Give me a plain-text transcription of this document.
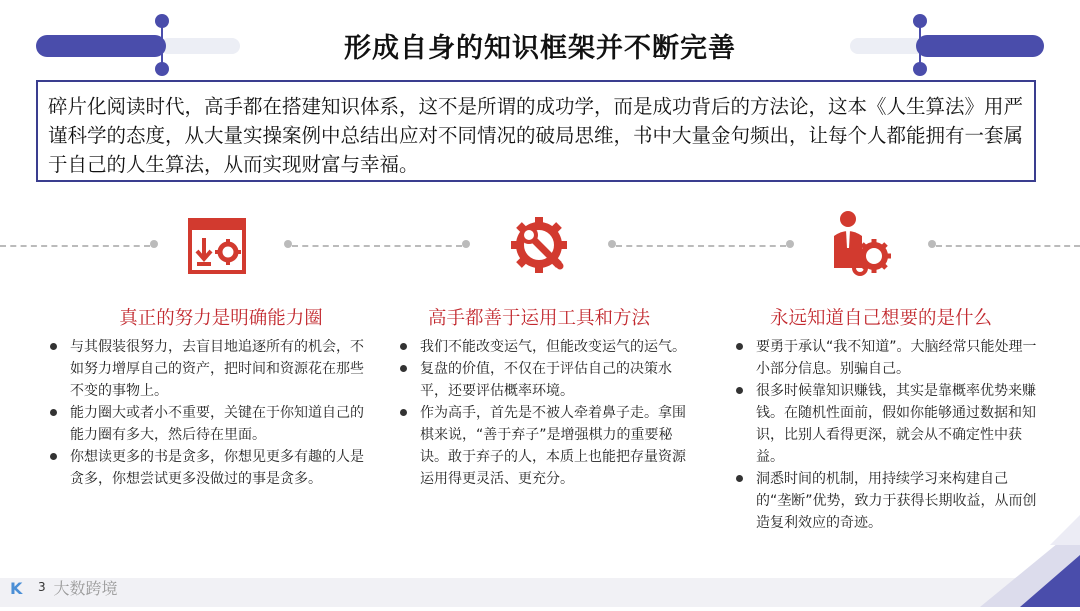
形成自身的知识框架并不断完善
碎片化阅读时代，高手都在搭建知识体系，这不是所谓的成功学，而是成功背后的方法论，这本《人生算法》用严谨科学的态度，从大量实操案例中总结出应对不同情况的破局思维，书中大量金句频出，让每个人都能拥有一套属于自己的人生算法，从而实现财富与幸福。
真正的努力是明确能力圈
与其假装很努力，去盲目地追逐所有的机会，不如努力增厚自己的资产，把时间和资源花在那些不变的事物上。
能力圈大或者小不重要，关键在于你知道自己的能力圈有多大，然后待在里面。
你想读更多的书是贪多，你想见更多有趣的人是贪多，你想尝试更多没做过的事是贪多。
高手都善于运用工具和方法
我们不能改变运气，但能改变运气的运气。
复盘的价值，不仅在于评估自己的决策水平，还要评估概率环境。
作为高手，首先是不被人牵着鼻子走。拿围棋来说，“善于弃子”是增强棋力的重要秘诀。敢于弃子的人，本质上也能把存量资源运用得更灵活、更充分。
永远知道自己想要的是什么
要勇于承认“我不知道”。大脑经常只能处理一小部分信息。别骗自己。
很多时候靠知识赚钱，其实是靠概率优势来赚钱。在随机性面前，假如你能够通过数据和知识，比别人看得更深，就会从不确定性中获益。
洞悉时间的机制，用持续学习来构建自己的“垄断”优势，致力于获得长期收益，从而创造复利效应的奇迹。
K 大数跨境
3
